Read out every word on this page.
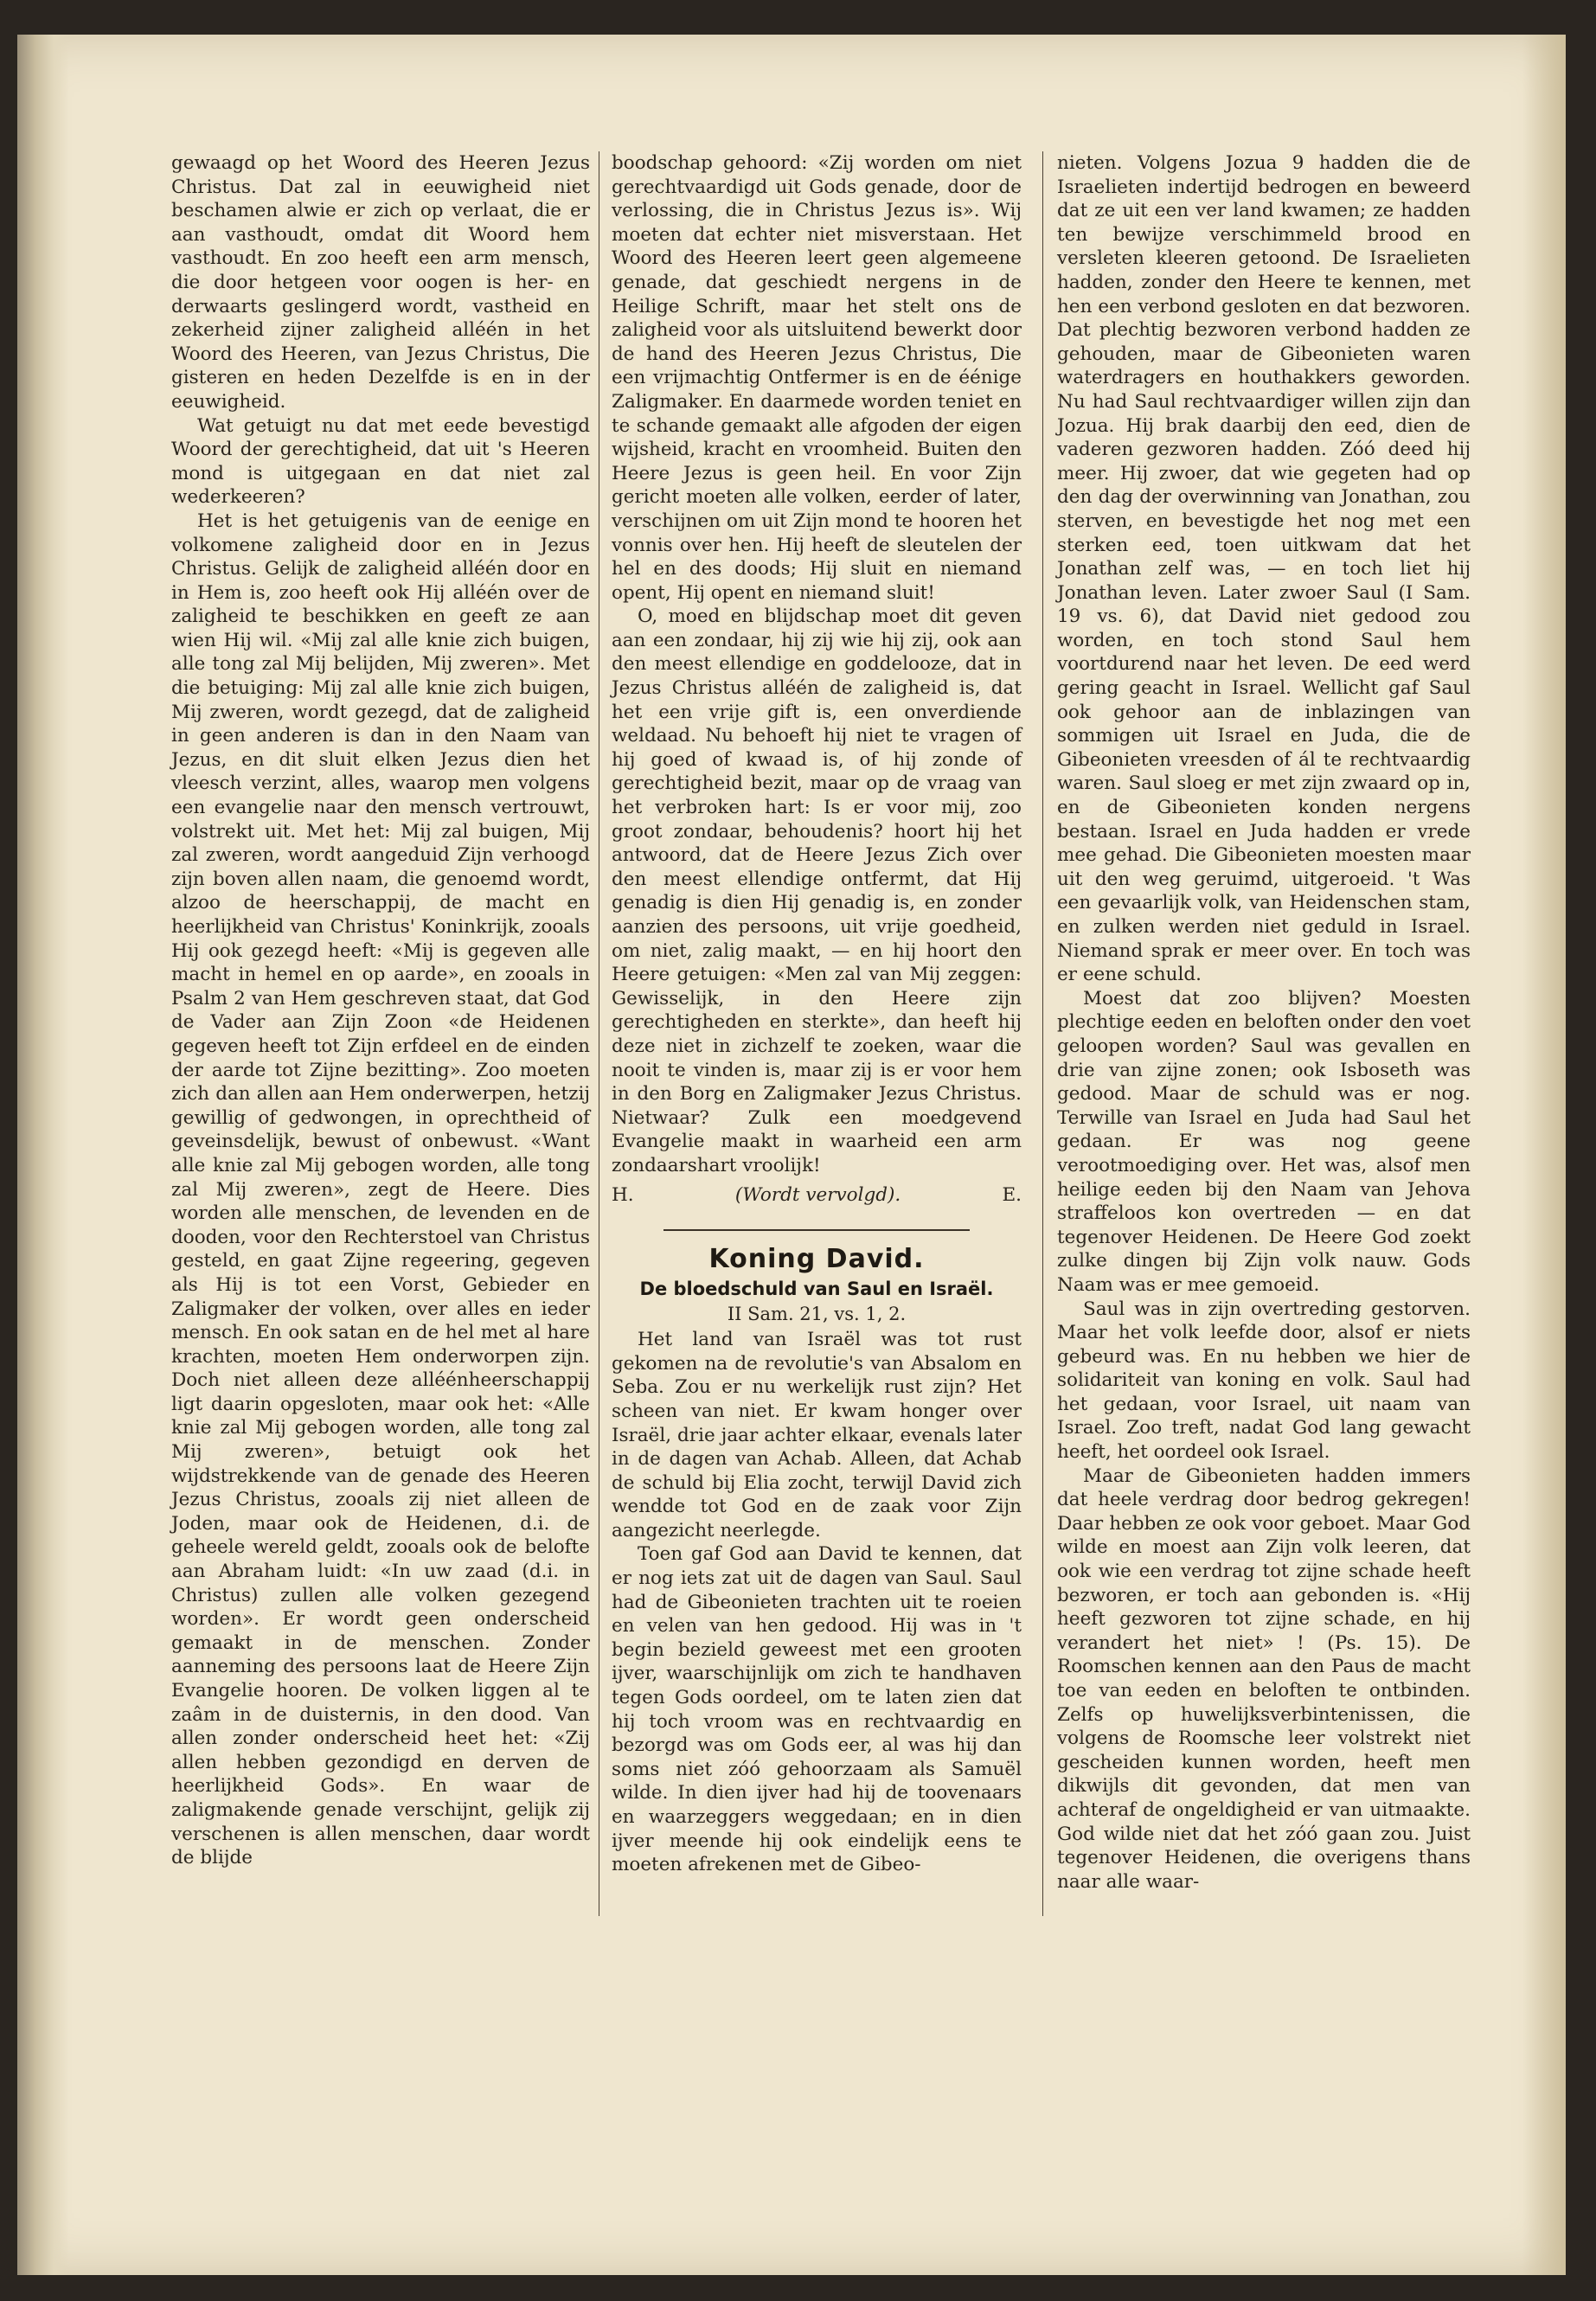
gewaagd op het Woord des Heeren Jezus Christus. Dat zal in eeuwigheid niet beschamen alwie er zich op verlaat, die er aan vasthoudt, omdat dit Woord hem vasthoudt. En zoo heeft een arm mensch, die door hetgeen voor oogen is her- en derwaarts geslingerd wordt, vastheid en zekerheid zijner zaligheid alléén in het Woord des Heeren, van Jezus Christus, Die gisteren en heden Dezelfde is en in der eeuwigheid.

Wat getuigt nu dat met eede bevestigd Woord der gerechtigheid, dat uit 's Heeren mond is uitgegaan en dat niet zal wederkeeren?

Het is het getuigenis van de eenige en volkomene zaligheid door en in Jezus Christus. Gelijk de zaligheid alléén door en in Hem is, zoo heeft ook Hij alléén over de zaligheid te beschikken en geeft ze aan wien Hij wil. «Mij zal alle knie zich buigen, alle tong zal Mij belijden, Mij zweren». Met die betuiging: Mij zal alle knie zich buigen, Mij zweren, wordt gezegd, dat de zaligheid in geen anderen is dan in den Naam van Jezus, en dit sluit elken Jezus dien het vleesch verzint, alles, waarop men volgens een evangelie naar den mensch vertrouwt, volstrekt uit. Met het: Mij zal buigen, Mij zal zweren, wordt aangeduid Zijn verhoogd zijn boven allen naam, die genoemd wordt, alzoo de heerschappij, de macht en heerlijkheid van Christus' Koninkrijk, zooals Hij ook gezegd heeft: «Mij is gegeven alle macht in hemel en op aarde», en zooals in Psalm 2 van Hem geschreven staat, dat God de Vader aan Zijn Zoon «de Heidenen gegeven heeft tot Zijn erfdeel en de einden der aarde tot Zijne bezitting». Zoo moeten zich dan allen aan Hem onderwerpen, hetzij gewillig of gedwongen, in oprechtheid of geveinsdelijk, bewust of onbewust. «Want alle knie zal Mij gebogen worden, alle tong zal Mij zweren», zegt de Heere. Dies worden alle menschen, de levenden en de dooden, voor den Rechterstoel van Christus gesteld, en gaat Zijne regeering, gegeven als Hij is tot een Vorst, Gebieder en Zaligmaker der volken, over alles en ieder mensch. En ook satan en de hel met al hare krachten, moeten Hem onderworpen zijn. Doch niet alleen deze alléénheerschappij ligt daarin opgesloten, maar ook het: «Alle knie zal Mij gebogen worden, alle tong zal Mij zweren», betuigt ook het wijdstrekkende van de genade des Heeren Jezus Christus, zooals zij niet alleen de Joden, maar ook de Heidenen, d.i. de geheele wereld geldt, zooals ook de belofte aan Abraham luidt: «In uw zaad (d.i. in Christus) zullen alle volken gezegend worden». Er wordt geen onderscheid gemaakt in de menschen. Zonder aanneming des persoons laat de Heere Zijn Evangelie hooren. De volken liggen al te zaâm in de duisternis, in den dood. Van allen zonder onderscheid heet het: «Zij allen hebben gezondigd en derven de heerlijkheid Gods». En waar de zaligmakende genade verschijnt, gelijk zij verschenen is allen menschen, daar wordt de blijde

boodschap gehoord: «Zij worden om niet gerechtvaardigd uit Gods genade, door de verlossing, die in Christus Jezus is». Wij moeten dat echter niet misverstaan. Het Woord des Heeren leert geen algemeene genade, dat geschiedt nergens in de Heilige Schrift, maar het stelt ons de zaligheid voor als uitsluitend bewerkt door de hand des Heeren Jezus Christus, Die een vrijmachtig Ontfermer is en de éénige Zaligmaker. En daarmede worden teniet en te schande gemaakt alle afgoden der eigen wijsheid, kracht en vroomheid. Buiten den Heere Jezus is geen heil. En voor Zijn gericht moeten alle volken, eerder of later, verschijnen om uit Zijn mond te hooren het vonnis over hen. Hij heeft de sleutelen der hel en des doods; Hij sluit en niemand opent, Hij opent en niemand sluit!

O, moed en blijdschap moet dit geven aan een zondaar, hij zij wie hij zij, ook aan den meest ellendige en goddelooze, dat in Jezus Christus alléén de zaligheid is, dat het een vrije gift is, een onverdiende weldaad. Nu behoeft hij niet te vragen of hij goed of kwaad is, of hij zonde of gerechtigheid bezit, maar op de vraag van het verbroken hart: Is er voor mij, zoo groot zondaar, behoudenis? hoort hij het antwoord, dat de Heere Jezus Zich over den meest ellendige ontfermt, dat Hij genadig is dien Hij genadig is, en zonder aanzien des persoons, uit vrije goedheid, om niet, zalig maakt, — en hij hoort den Heere getuigen: «Men zal van Mij zeggen: Gewisselijk, in den Heere zijn gerechtigheden en sterkte», dan heeft hij deze niet in zichzelf te zoeken, waar die nooit te vinden is, maar zij is er voor hem in den Borg en Zaligmaker Jezus Christus. Nietwaar? Zulk een moedgevend Evangelie maakt in waarheid een arm zondaarshart vroolijk!

H.	(Wordt vervolgd).	E.
Koning David.
De bloedschuld van Saul en Israël.
II Sam. 21, vs. 1, 2.

Het land van Israël was tot rust gekomen na de revolutie's van Absalom en Seba. Zou er nu werkelijk rust zijn? Het scheen van niet. Er kwam honger over Israël, drie jaar achter elkaar, evenals later in de dagen van Achab. Alleen, dat Achab de schuld bij Elia zocht, terwijl David zich wendde tot God en de zaak voor Zijn aangezicht neerlegde.

Toen gaf God aan David te kennen, dat er nog iets zat uit de dagen van Saul. Saul had de Gibeonieten trachten uit te roeien en velen van hen gedood. Hij was in 't begin bezield geweest met een grooten ijver, waarschijnlijk om zich te handhaven tegen Gods oordeel, om te laten zien dat hij toch vroom was en rechtvaardig en bezorgd was om Gods eer, al was hij dan soms niet zóó gehoorzaam als Samuël wilde. In dien ijver had hij de toovenaars en waarzeggers weggedaan; en in dien ijver meende hij ook eindelijk eens te moeten afrekenen met de Gibeo-

nieten. Volgens Jozua 9 hadden die de Israelieten indertijd bedrogen en beweerd dat ze uit een ver land kwamen; ze hadden ten bewijze verschimmeld brood en versleten kleeren getoond. De Israelieten hadden, zonder den Heere te kennen, met hen een verbond gesloten en dat bezworen. Dat plechtig bezworen verbond hadden ze gehouden, maar de Gibeonieten waren waterdragers en houthakkers geworden. Nu had Saul rechtvaardiger willen zijn dan Jozua. Hij brak daarbij den eed, dien de vaderen gezworen hadden. Zóó deed hij meer. Hij zwoer, dat wie gegeten had op den dag der overwinning van Jonathan, zou sterven, en bevestigde het nog met een sterken eed, toen uitkwam dat het Jonathan zelf was, — en toch liet hij Jonathan leven. Later zwoer Saul (I Sam. 19 vs. 6), dat David niet gedood zou worden, en toch stond Saul hem voortdurend naar het leven. De eed werd gering geacht in Israel. Wellicht gaf Saul ook gehoor aan de inblazingen van sommigen uit Israel en Juda, die de Gibeonieten vreesden of ál te rechtvaardig waren. Saul sloeg er met zijn zwaard op in, en de Gibeonieten konden nergens bestaan. Israel en Juda hadden er vrede mee gehad. Die Gibeonieten moesten maar uit den weg geruimd, uitgeroeid. 't Was een gevaarlijk volk, van Heidenschen stam, en zulken werden niet geduld in Israel. Niemand sprak er meer over. En toch was er eene schuld.

Moest dat zoo blijven? Moesten plechtige eeden en beloften onder den voet geloopen worden? Saul was gevallen en drie van zijne zonen; ook Isboseth was gedood. Maar de schuld was er nog. Terwille van Israel en Juda had Saul het gedaan. Er was nog geene verootmoediging over. Het was, alsof men heilige eeden bij den Naam van Jehova straffeloos kon overtreden — en dat tegenover Heidenen. De Heere God zoekt zulke dingen bij Zijn volk nauw. Gods Naam was er mee gemoeid.

Saul was in zijn overtreding gestorven. Maar het volk leefde door, alsof er niets gebeurd was. En nu hebben we hier de solidariteit van koning en volk. Saul had het gedaan, voor Israel, uit naam van Israel. Zoo treft, nadat God lang gewacht heeft, het oordeel ook Israel.

Maar de Gibeonieten hadden immers dat heele verdrag door bedrog gekregen! Daar hebben ze ook voor geboet. Maar God wilde en moest aan Zijn volk leeren, dat ook wie een verdrag tot zijne schade heeft bezworen, er toch aan gebonden is. «Hij heeft gezworen tot zijne schade, en hij verandert het niet» ! (Ps. 15). De Roomschen kennen aan den Paus de macht toe van eeden en beloften te ontbinden. Zelfs op huwelijksverbintenissen, die volgens de Roomsche leer volstrekt niet gescheiden kunnen worden, heeft men dikwijls dit gevonden, dat men van achteraf de ongeldigheid er van uitmaakte. God wilde niet dat het zóó gaan zou. Juist tegenover Heidenen, die overigens thans naar alle waar-
